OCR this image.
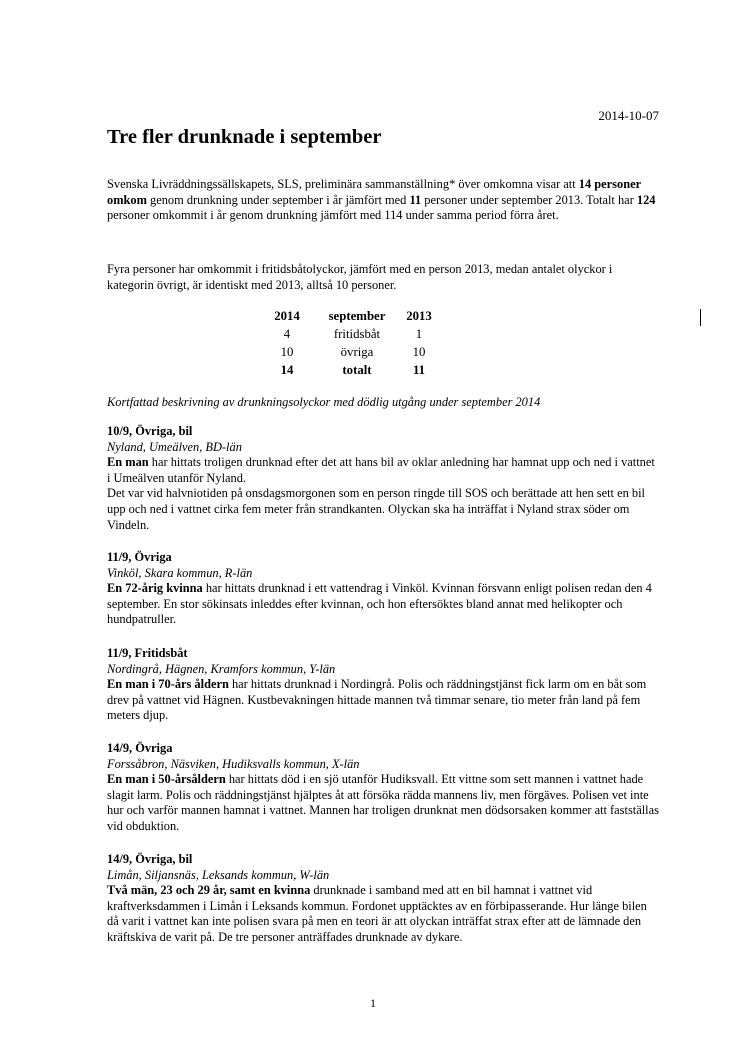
2014-10-07
Tre fler drunknade i september

Svenska Livräddningssällskapets, SLS, preliminära sammanställning* över omkomna visar att 14 personer omkom genom drunkning under september i år jämfört med 11 personer under september 2013. Totalt har 124 personer omkommit i år genom drunkning jämfört med 114 under samma period förra året.

Fyra personer har omkommit i fritidsbåtolyckor, jämfört med en person 2013, medan antalet olyckor i kategorin övrigt, är identiskt med 2013, alltså 10 personer.

2014	september	2013
4	fritidsbåt	1
10	övriga	10
14	totalt	11

Kortfattad beskrivning av drunkningsolyckor med dödlig utgång under september 2014

10/9, Övriga, bil
Nyland, Umeälven, BD-län

En man har hittats troligen drunknad efter det att hans bil av oklar anledning har hamnat upp och ned i vattnet i Umeälven utanför Nyland.

Det var vid halvniotiden på onsdagsmorgonen som en person ringde till SOS och berättade att hen sett en bil upp och ned i vattnet cirka fem meter från strandkanten. Olyckan ska ha inträffat i Nyland strax söder om Vindeln.

11/9, Övriga
Vinköl, Skara kommun, R-län

En 72-årig kvinna har hittats drunknad i ett vattendrag i Vinköl. Kvinnan försvann enligt polisen redan den 4 september. En stor sökinsats inleddes efter kvinnan, och hon eftersöktes bland annat med helikopter och hundpatruller.

11/9, Fritidsbåt
Nordingrå, Hägnen, Kramfors kommun, Y-län

En man i 70-års åldern har hittats drunknad i Nordingrå. Polis och räddningstjänst fick larm om en båt som drev på vattnet vid Hägnen. Kustbevakningen hittade mannen två timmar senare, tio meter från land på fem meters djup.

14/9, Övriga
Forssåbron, Näsviken, Hudiksvalls kommun, X-län

En man i 50-årsåldern har hittats död i en sjö utanför Hudiksvall. Ett vittne som sett mannen i vattnet hade slagit larm. Polis och räddningstjänst hjälptes åt att försöka rädda mannens liv, men förgäves. Polisen vet inte hur och varför mannen hamnat i vattnet. Mannen har troligen drunknat men dödsorsaken kommer att fastställas vid obduktion.

14/9, Övriga, bil
Limån, Siljansnäs, Leksands kommun, W-län

Två män, 23 och 29 år, samt en kvinna drunknade i samband med att en bil hamnat i vattnet vid kraftverksdammen i Limån i Leksands kommun. Fordonet upptäcktes av en förbipasserande. Hur länge bilen då varit i vattnet kan inte polisen svara på men en teori är att olyckan inträffat strax efter att de lämnade den kräftskiva de varit på. De tre personer anträffades drunknade av dykare.

1
